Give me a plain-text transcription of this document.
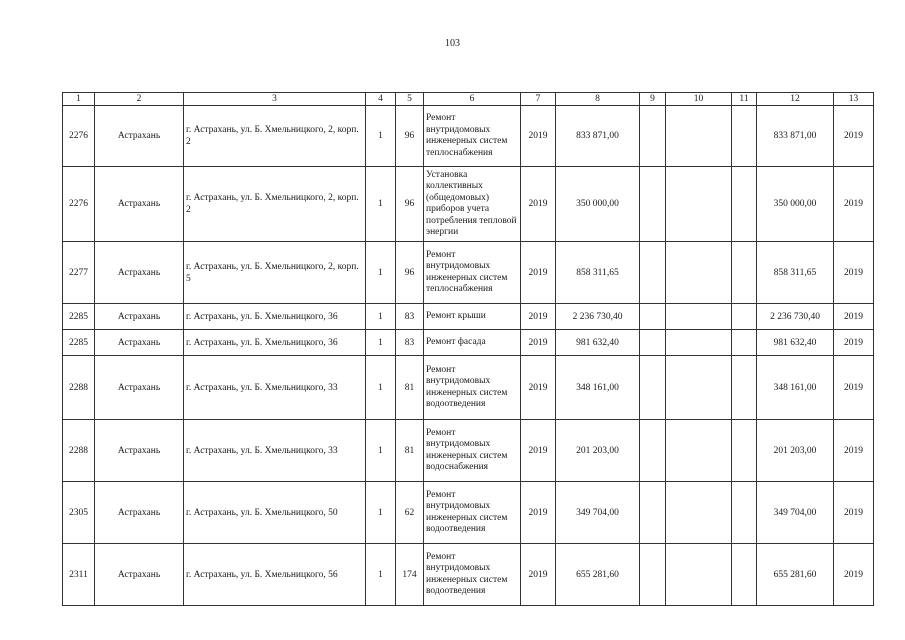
103
1	2	3	4	5	6	7	8	9	10	11	12	13
2276	Астрахань	г. Астрахань, ул. Б. Хмельницкого, 2, корп. 2	1	96	Ремонт внутридомовых инженерных систем теплоснабжения	2019	833 871,00				833 871,00	2019
2276	Астрахань	г. Астрахань, ул. Б. Хмельницкого, 2, корп. 2	1	96	Установка коллективных (общедомовых) приборов учета потребления тепловой энергии	2019	350 000,00				350 000,00	2019
2277	Астрахань	г. Астрахань, ул. Б. Хмельницкого, 2, корп. 5	1	96	Ремонт внутридомовых инженерных систем теплоснабжения	2019	858 311,65				858 311,65	2019
2285	Астрахань	г. Астрахань, ул. Б. Хмельницкого, 36	1	83	Ремонт крыши	2019	2 236 730,40				2 236 730,40	2019
2285	Астрахань	г. Астрахань, ул. Б. Хмельницкого, 36	1	83	Ремонт фасада	2019	981 632,40				981 632,40	2019
2288	Астрахань	г. Астрахань, ул. Б. Хмельницкого, 33	1	81	Ремонт внутридомовых инженерных систем водоотведения	2019	348 161,00				348 161,00	2019
2288	Астрахань	г. Астрахань, ул. Б. Хмельницкого, 33	1	81	Ремонт внутридомовых инженерных систем водоснабжения	2019	201 203,00				201 203,00	2019
2305	Астрахань	г. Астрахань, ул. Б. Хмельницкого, 50	1	62	Ремонт внутридомовых инженерных систем водоотведения	2019	349 704,00				349 704,00	2019
2311	Астрахань	г. Астрахань, ул. Б. Хмельницкого, 56	1	174	Ремонт внутридомовых инженерных систем водоотведения	2019	655 281,60				655 281,60	2019
